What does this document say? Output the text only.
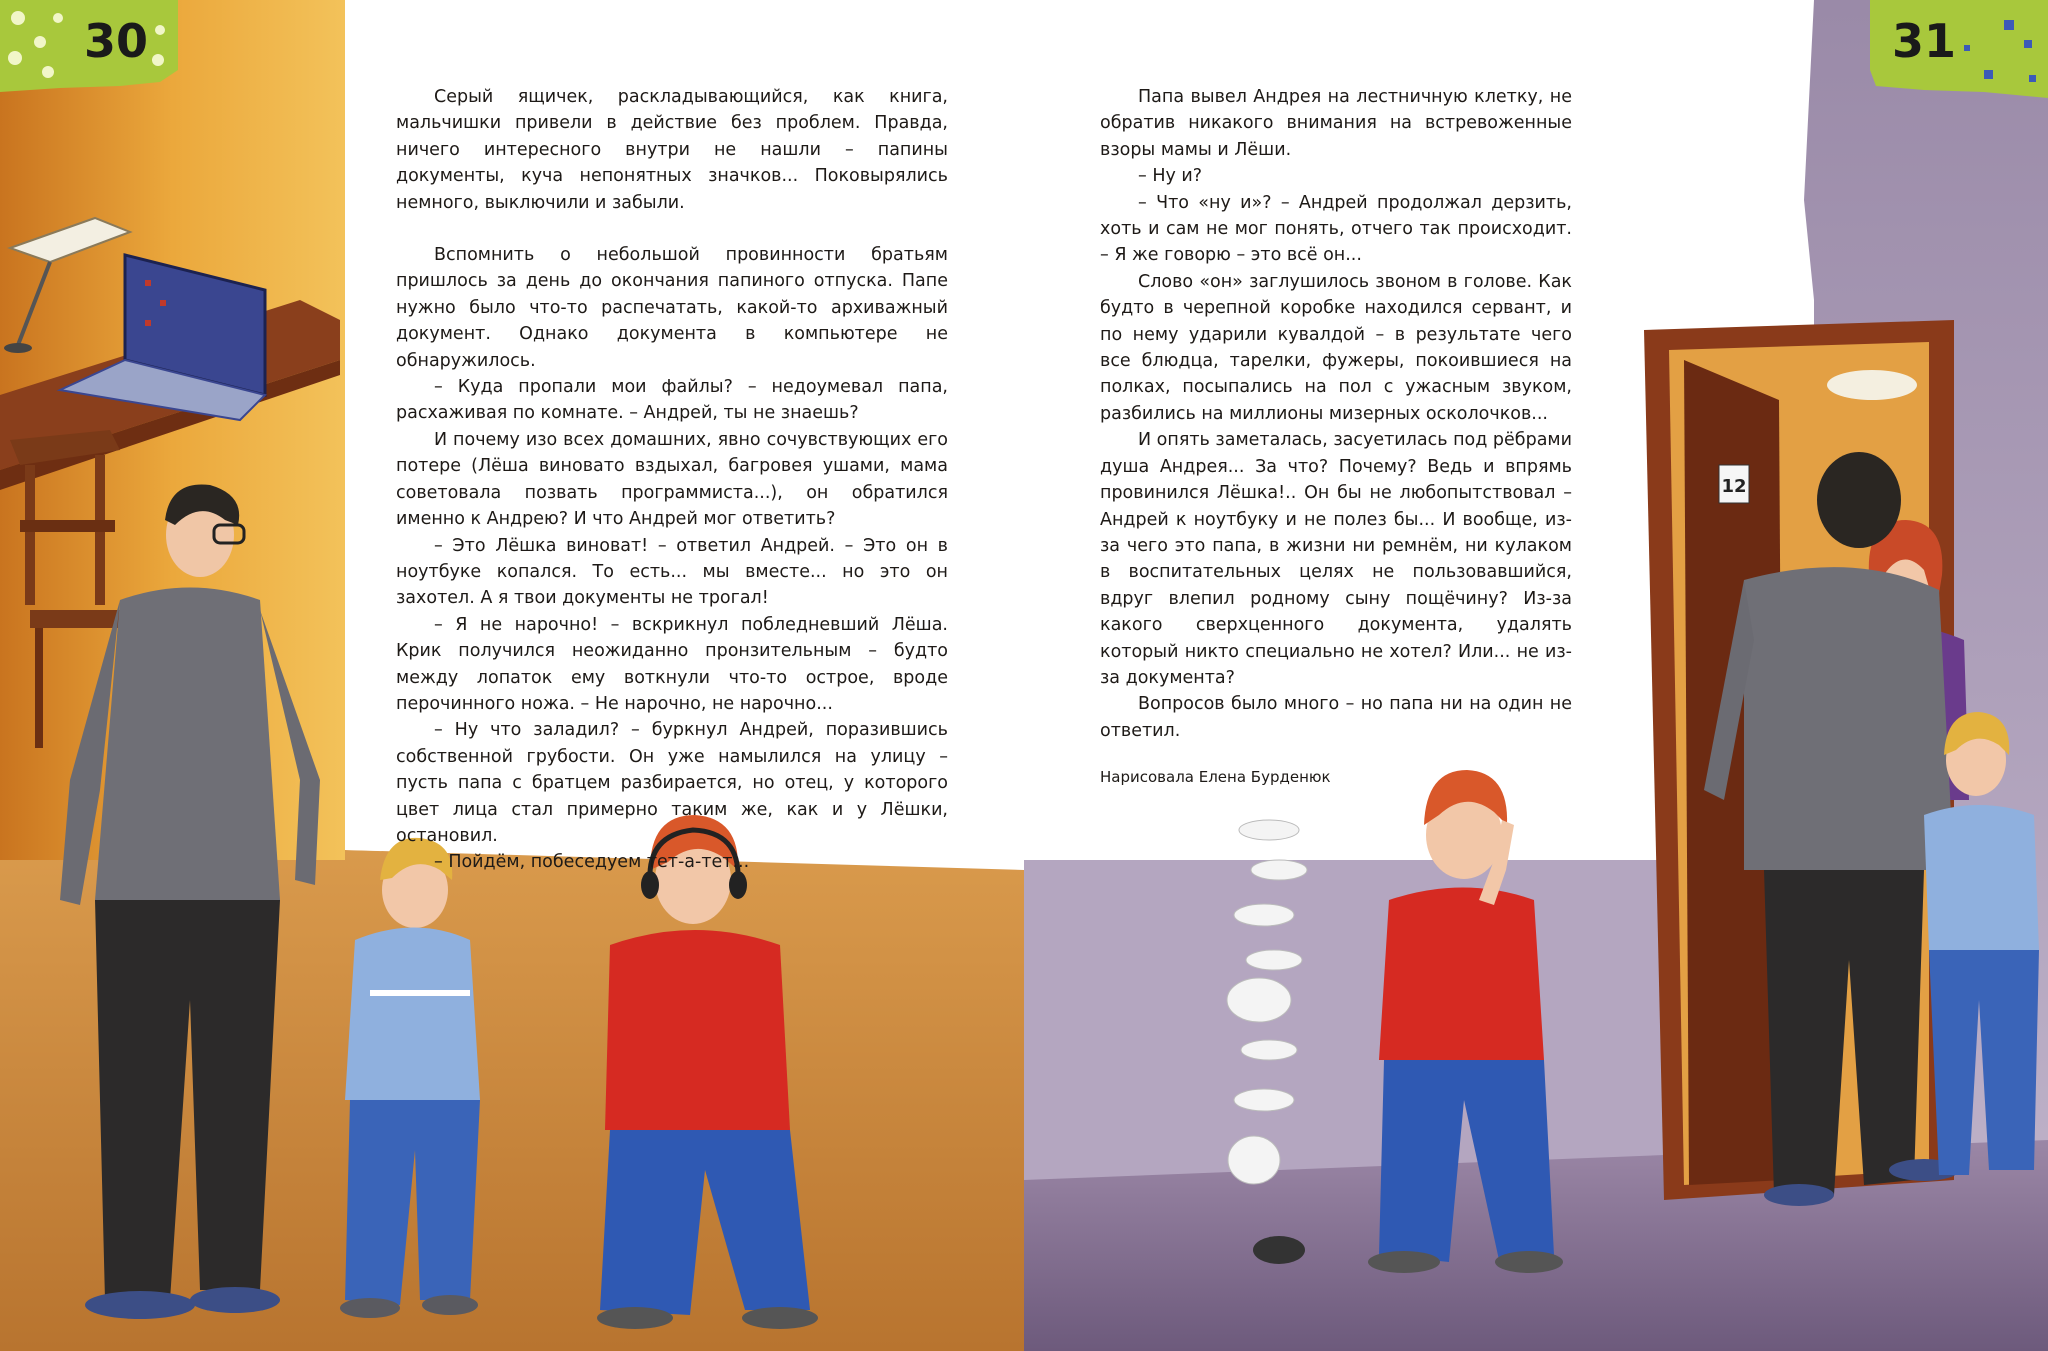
30
12
31

Серый ящичек, раскладывающийся, как книга, мальчишки привели в действие без проблем. Правда, ничего интересного внутри не нашли – папины документы, куча непонятных значков... Поковырялись немного, выключили и забыли.

Вспомнить о небольшой провинности братьям пришлось за день до окончания папиного отпуска. Папе нужно было что-то распечатать, какой-то архиважный документ. Однако документа в компьютере не обнаружилось.

– Куда пропали мои файлы? – недоумевал папа, расхаживая по комнате. – Андрей, ты не знаешь?

И почему изо всех домашних, явно сочувствующих его потере (Лёша виновато вздыхал, багровея ушами, мама советовала позвать программиста...), он обратился именно к Андрею? И что Андрей мог ответить?

– Это Лёшка виноват! – ответил Андрей. – Это он в ноутбуке копался. То есть... мы вместе... но это он захотел. А я твои документы не трогал!

– Я не нарочно! – вскрикнул побледневший Лёша. Крик получился неожиданно пронзительным – будто между лопаток ему воткнули что-то острое, вроде перочинного ножа. – Не нарочно, не нарочно...

– Ну что заладил? – буркнул Андрей, поразившись собственной грубости. Он уже намылился на улицу – пусть папа с братцем разбирается, но отец, у которого цвет лица стал примерно таким же, как и у Лёшки, остановил.

– Пойдём, побеседуем тет-а-тет...

Папа вывел Андрея на лестничную клетку, не обратив никакого внимания на встревоженные взоры мамы и Лёши.

– Ну и?

– Что «ну и»? – Андрей продолжал дерзить, хоть и сам не мог понять, отчего так происходит. – Я же говорю – это всё он...

Слово «он» заглушилось звоном в голове. Как будто в черепной коробке находился сервант, и по нему ударили кувалдой – в результате чего все блюдца, тарелки, фужеры, покоившиеся на полках, посыпались на пол с ужасным звуком, разбились на миллионы мизерных осколочков...

И опять заметалась, засуетилась под рёбрами душа Андрея... За что? Почему? Ведь и впрямь провинился Лёшка!.. Он бы не любопытствовал – Андрей к ноутбуку и не полез бы... И вообще, из-за чего это папа, в жизни ни ремнём, ни кулаком в воспитательных целях не пользовавшийся, вдруг влепил родному сыну пощёчину? Из-за какого сверхценного документа, удалять который никто специально не хотел? Или... не из-за документа?

Вопросов было много – но папа ни на один не ответил.

Нарисовала Елена Бурденюк
